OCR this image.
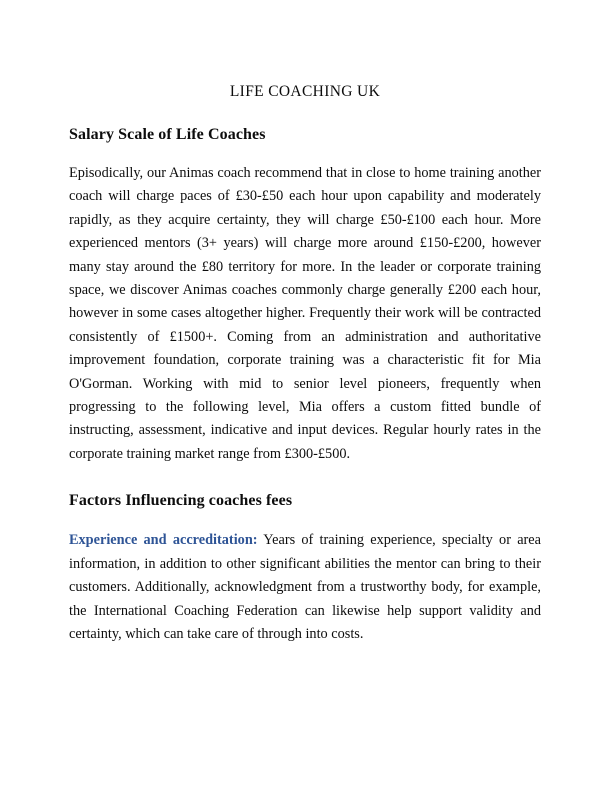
LIFE COACHING UK
Salary Scale of Life Coaches

Episodically, our Animas coach recommend that in close to home training another coach will charge paces of £30-£50 each hour upon capability and moderately rapidly, as they acquire certainty, they will charge £50-£100 each hour. More experienced mentors (3+ years) will charge more around £150-£200, however many stay around the £80 territory for more. In the leader or corporate training space, we discover Animas coaches commonly charge generally £200 each hour, however in some cases altogether higher. Frequently their work will be contracted consistently of £1500+. Coming from an administration and authoritative improvement foundation, corporate training was a characteristic fit for Mia O'Gorman. Working with mid to senior level pioneers, frequently when progressing to the following level, Mia offers a custom fitted bundle of instructing, assessment, indicative and input devices. Regular hourly rates in the corporate training market range from £300-£500.

Factors Influencing coaches fees

Experience and accreditation: Years of training experience, specialty or area information, in addition to other significant abilities the mentor can bring to their customers. Additionally, acknowledgment from a trustworthy body, for example, the International Coaching Federation can likewise help support validity and certainty, which can take care of through into costs.
